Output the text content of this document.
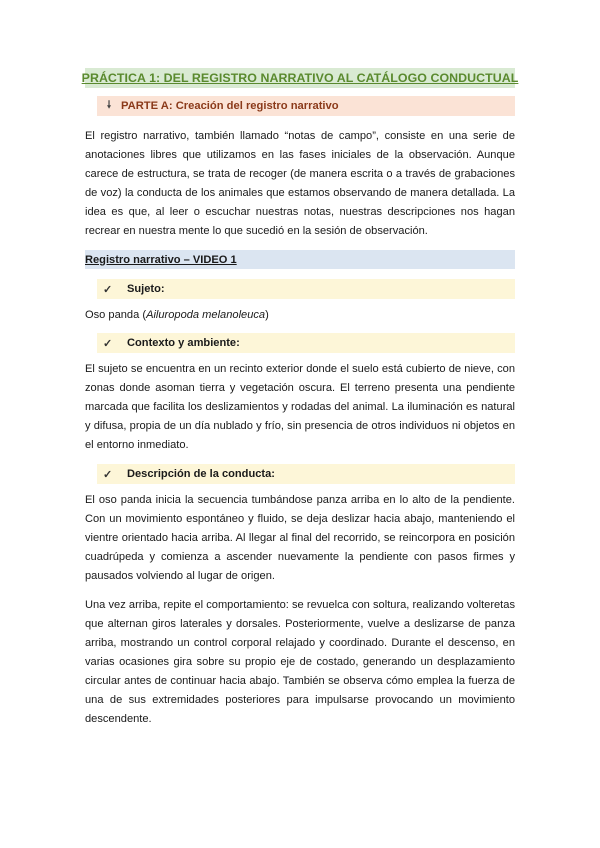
PRÁCTICA 1: DEL REGISTRO NARRATIVO AL CATÁLOGO CONDUCTUAL
🠗 PARTE A: Creación del registro narrativo

El registro narrativo, también llamado “notas de campo”, consiste en una serie de anotaciones libres que utilizamos en las fases iniciales de la observación. Aunque carece de estructura, se trata de recoger (de manera escrita o a través de grabaciones de voz) la conducta de los animales que estamos observando de manera detallada. La idea es que, al leer o escuchar nuestras notas, nuestras descripciones nos hagan recrear en nuestra mente lo que sucedió en la sesión de observación.

Registro narrativo – VIDEO 1
✓	Sujeto:
Oso panda (Ailuropoda melanoleuca)
✓	Contexto y ambiente:

El sujeto se encuentra en un recinto exterior donde el suelo está cubierto de nieve, con zonas donde asoman tierra y vegetación oscura. El terreno presenta una pendiente marcada que facilita los deslizamientos y rodadas del animal. La iluminación es natural y difusa, propia de un día nublado y frío, sin presencia de otros individuos ni objetos en el entorno inmediato.

✓	Descripción de la conducta:

El oso panda inicia la secuencia tumbándose panza arriba en lo alto de la pendiente. Con un movimiento espontáneo y fluido, se deja deslizar hacia abajo, manteniendo el vientre orientado hacia arriba. Al llegar al final del recorrido, se reincorpora en posición cuadrúpeda y comienza a ascender nuevamente la pendiente con pasos firmes y pausados volviendo al lugar de origen.

Una vez arriba, repite el comportamiento: se revuelca con soltura, realizando volteretas que alternan giros laterales y dorsales. Posteriormente, vuelve a deslizarse de panza arriba, mostrando un control corporal relajado y coordinado. Durante el descenso, en varias ocasiones gira sobre su propio eje de costado, generando un desplazamiento circular antes de continuar hacia abajo. También se observa cómo emplea la fuerza de una de sus extremidades posteriores para impulsarse provocando un movimiento descendente.
